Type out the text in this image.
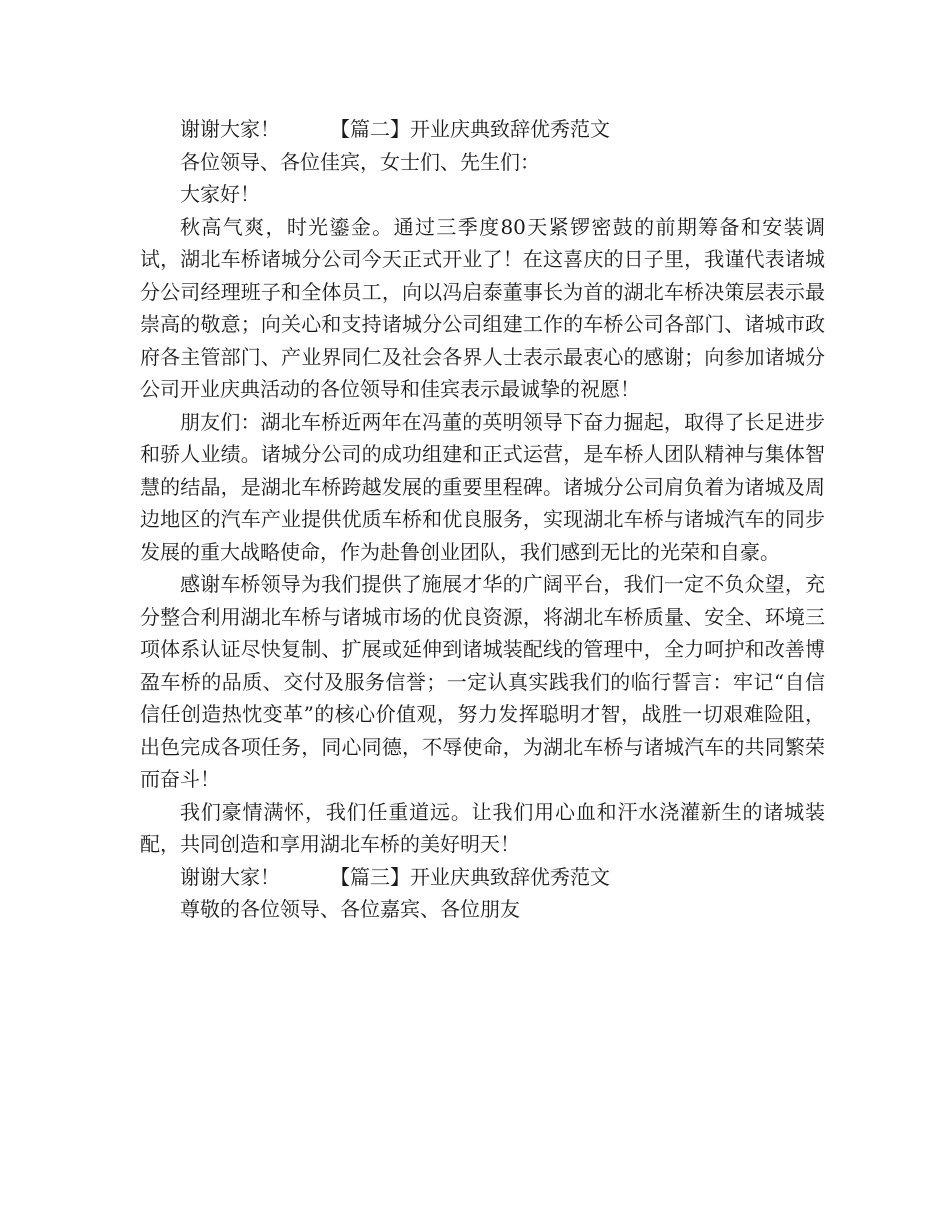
谢谢大家！	【篇二】开业庆典致辞优秀范文

各位领导、各位佳宾，女士们、先生们：

大家好！

秋高气爽，时光鎏金。通过三季度80天紧锣密鼓的前期筹备和安装调试，湖北车桥诸城分公司今天正式开业了！在这喜庆的日子里，我谨代表诸城分公司经理班子和全体员工，向以冯启泰董事长为首的湖北车桥决策层表示最崇高的敬意；向关心和支持诸城分公司组建工作的车桥公司各部门、诸城市政府各主管部门、产业界同仁及社会各界人士表示最衷心的感谢；向参加诸城分公司开业庆典活动的各位领导和佳宾表示最诚挚的祝愿！

朋友们：湖北车桥近两年在冯董的英明领导下奋力掘起，取得了长足进步和骄人业绩。诸城分公司的成功组建和正式运营，是车桥人团队精神与集体智慧的结晶，是湖北车桥跨越发展的重要里程碑。诸城分公司肩负着为诸城及周边地区的汽车产业提供优质车桥和优良服务，实现湖北车桥与诸城汽车的同步发展的重大战略使命，作为赴鲁创业团队，我们感到无比的光荣和自豪。

感谢车桥领导为我们提供了施展才华的广阔平台，我们一定不负众望，充分整合利用湖北车桥与诸城市场的优良资源，将湖北车桥质量、安全、环境三项体系认证尽快复制、扩展或延伸到诸城装配线的管理中，全力呵护和改善博盈车桥的品质、交付及服务信誉；一定认真实践我们的临行誓言：牢记“自信信任创造热忱变革”的核心价值观，努力发挥聪明才智，战胜一切艰难险阻，出色完成各项任务，同心同德，不辱使命，为湖北车桥与诸城汽车的共同繁荣而奋斗！

我们豪情满怀，我们任重道远。让我们用心血和汗水浇灌新生的诸城装配，共同创造和享用湖北车桥的美好明天！

谢谢大家！	【篇三】开业庆典致辞优秀范文

尊敬的各位领导、各位嘉宾、各位朋友
